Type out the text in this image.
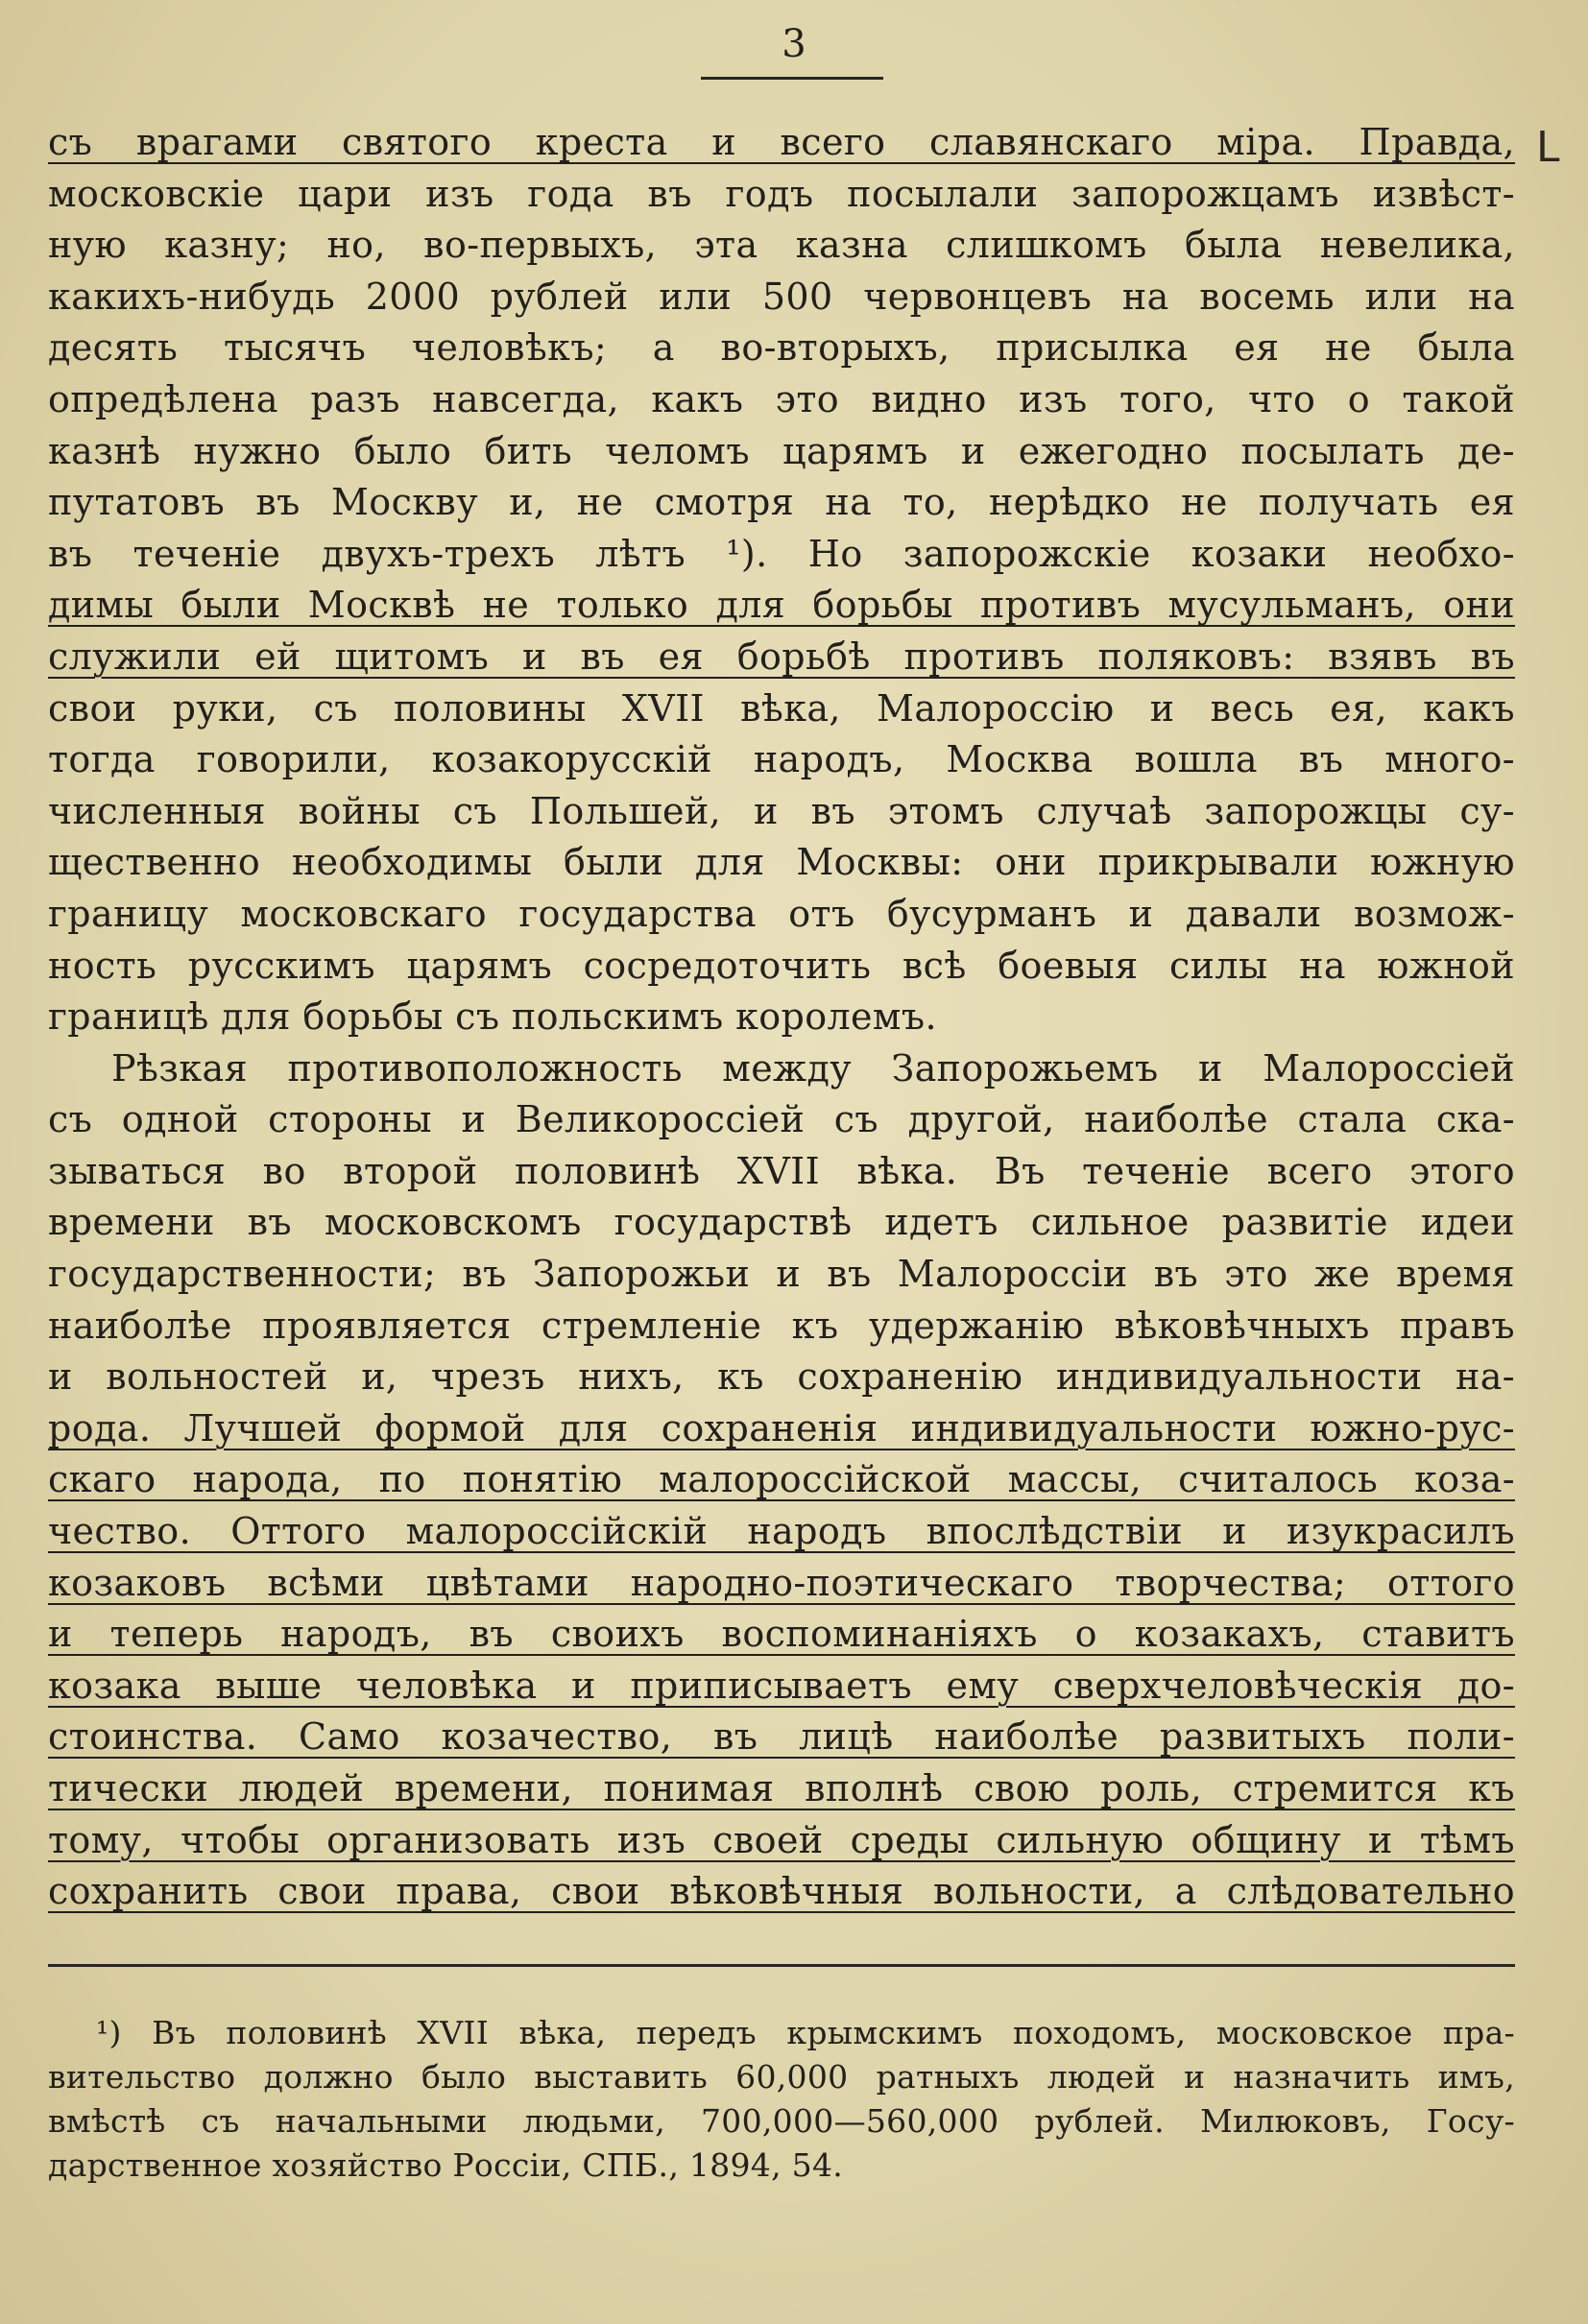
3
ᒪ
съ врагами святого креста и всего славянскаго міра. Правда,
московскіе цари изъ года въ годъ посылали запорожцамъ извѣст-
ную казну; но, во-первыхъ, эта казна слишкомъ была невелика,
какихъ-нибудь 2000 рублей или 500 червонцевъ на восемь или на
десять тысячъ человѣкъ; а во-вторыхъ, присылка ея не была
опредѣлена разъ навсегда, какъ это видно изъ того, что о такой
казнѣ нужно было бить челомъ царямъ и ежегодно посылать де-
путатовъ въ Москву и, не смотря на то, нерѣдко не получать ея
въ теченіе двухъ-трехъ лѣтъ ¹). Но запорожскіе козаки необхо-
димы были Москвѣ не только для борьбы противъ мусульманъ, они
служили ей щитомъ и въ ея борьбѣ противъ поляковъ: взявъ въ
свои руки, съ половины XVII вѣка, Малороссію и весь ея, какъ
тогда говорили, козакорусскій народъ, Москва вошла въ много-
численныя войны съ Польшей, и въ этомъ случаѣ запорожцы су-
щественно необходимы были для Москвы: они прикрывали южную
границу московскаго государства отъ бусурманъ и давали возмож-
ность русскимъ царямъ сосредоточить всѣ боевыя силы на южной
границѣ для борьбы съ польскимъ королемъ.
Рѣзкая противоположность между Запорожьемъ и Малороссіей
съ одной стороны и Великороссіей съ другой, наиболѣе стала ска-
зываться во второй половинѣ XVII вѣка. Въ теченіе всего этого
времени въ московскомъ государствѣ идетъ сильное развитіе идеи
государственности; въ Запорожьи и въ Малороссіи въ это же время
наиболѣе проявляется стремленіе къ удержанію вѣковѣчныхъ правъ
и вольностей и, чрезъ нихъ, къ сохраненію индивидуальности на-
рода. Лучшей формой для сохраненія индивидуальности южно-рус-
скаго народа, по понятію малороссійской массы, считалось коза-
чество. Оттого малороссійскій народъ впослѣдствіи и изукрасилъ
козаковъ всѣми цвѣтами народно-поэтическаго творчества; оттого
и теперь народъ, въ своихъ воспоминаніяхъ о козакахъ, ставитъ
козака выше человѣка и приписываетъ ему сверхчеловѣческія до-
стоинства. Само козачество, въ лицѣ наиболѣе развитыхъ поли-
тически людей времени, понимая вполнѣ свою роль, стремится къ
тому, чтобы организовать изъ своей среды сильную общину и тѣмъ
сохранить свои права, свои вѣковѣчныя вольности, а слѣдовательно
¹) Въ половинѣ XVII вѣка, передъ крымскимъ походомъ, московское пра-
вительство должно было выставить 60,000 ратныхъ людей и назначить имъ,
вмѣстѣ съ начальными людьми, 700,000—560,000 рублей. Милюковъ, Госу-
дарственное хозяйство Россіи, СПБ., 1894, 54.
